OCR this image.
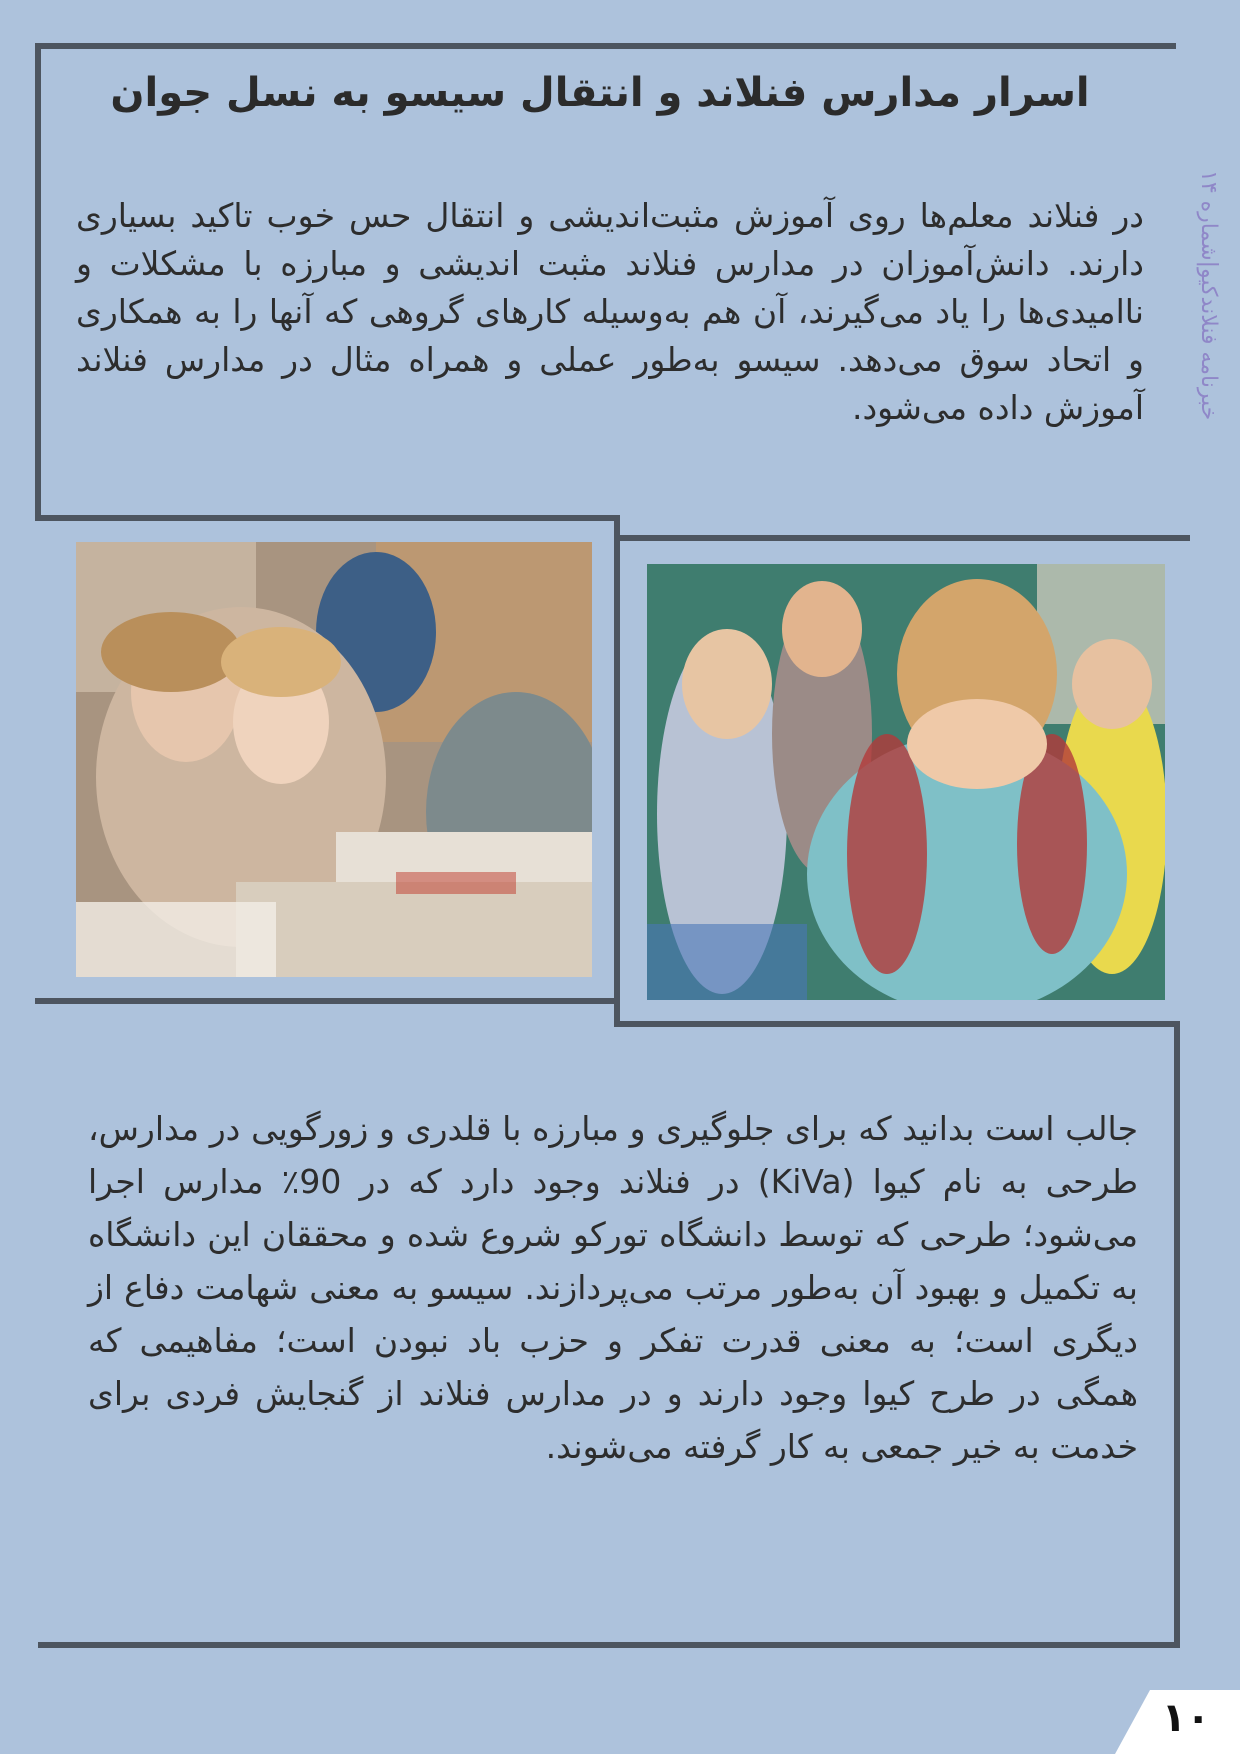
اسرار مدارس فنلاند و انتقال سیسو به نسل جوان

در فنلاند معلم‌ها روی آموزش مثبت‌اندیشی و انتقال حس خوب تاکید بسیاری دارند. دانش‌آموزان در مدارس فنلاند مثبت اندیشی و مبارزه با مشکلات و ناامیدی‌ها را یاد می‌گیرند، آن هم به‌وسیله کارهای گروهی که آنها را به همکاری و اتحاد سوق می‌دهد. سیسو به‌طور عملی و همراه مثال در مدارس فنلاند آموزش داده می‌شود.

خبرنامه فنلاندکیو|شماره ۱۴

جالب است بدانید که برای جلوگیری و مبارزه با قلدری و زورگویی در مدارس، طرحی به نام کیوا (KiVa) در فنلاند وجود دارد که در 90٪ مدارس اجرا می‌شود؛ طرحی که توسط دانشگاه تورکو شروع شده و محققان این دانشگاه به تکمیل و بهبود آن به‌طور مرتب می‌پردازند. سیسو به معنی شهامت دفاع از دیگری است؛ به معنی قدرت تفکر و حزب باد نبودن است؛ مفاهیمی که همگی در طرح کیوا وجود دارند و در مدارس فنلاند از گنجایش فردی برای خدمت به خیر جمعی به کار گرفته می‌شوند.

۱۰
